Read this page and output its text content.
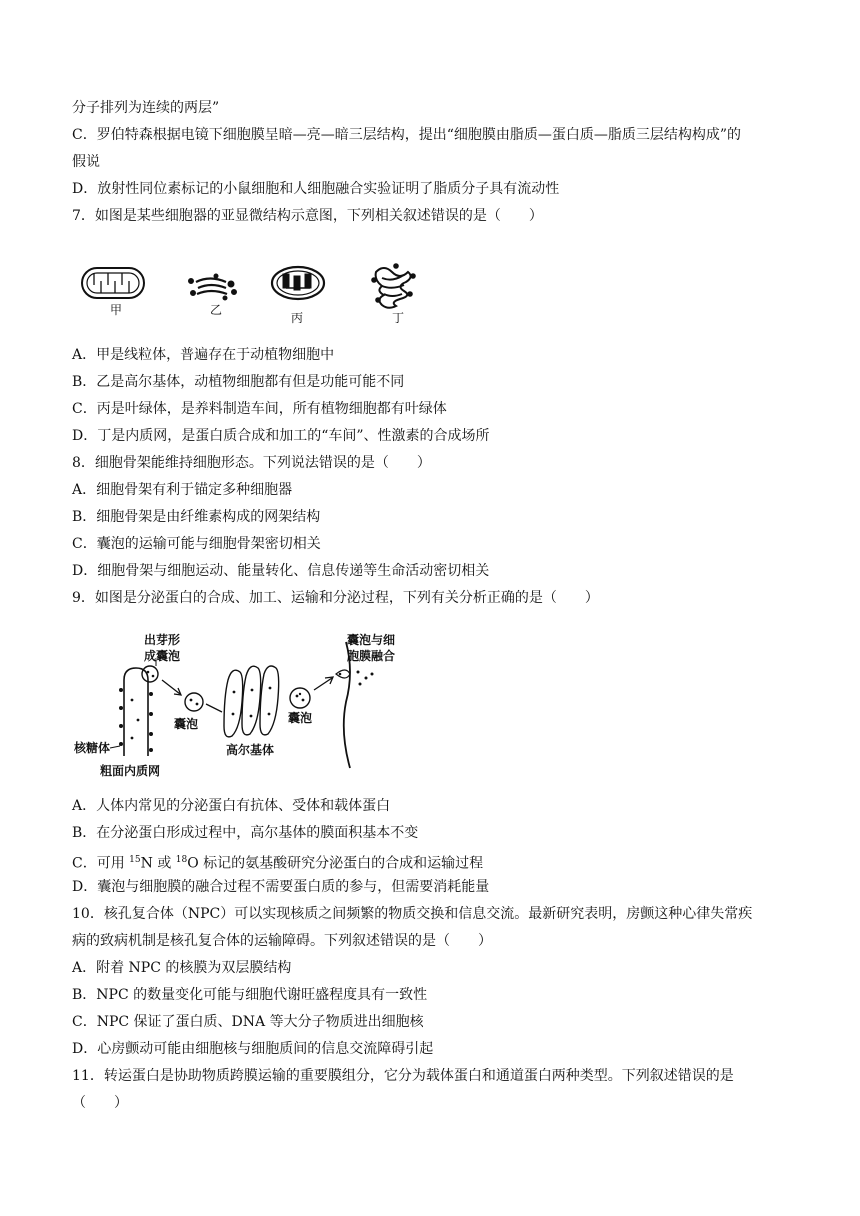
分子排列为连续的两层”
C．罗伯特森根据电镜下细胞膜呈暗—亮—暗三层结构，提出“细胞膜由脂质—蛋白质—脂质三层结构构成”的
假说
D．放射性同位素标记的小鼠细胞和人细胞融合实验证明了脂质分子具有流动性
7．如图是某些细胞器的亚显微结构示意图，下列相关叙述错误的是（　　）
甲	乙
丙	丁
A．甲是线粒体，普遍存在于动植物细胞中
B．乙是高尔基体，动植物细胞都有但是功能可能不同
C．丙是叶绿体，是养料制造车间，所有植物细胞都有叶绿体
D．丁是内质网，是蛋白质合成和加工的“车间”、性激素的合成场所
8．细胞骨架能维持细胞形态。下列说法错误的是（　　）
A．细胞骨架有利于锚定多种细胞器
B．细胞骨架是由纤维素构成的网架结构
C．囊泡的运输可能与细胞骨架密切相关
D．细胞骨架与细胞运动、能量转化、信息传递等生命活动密切相关
9．如图是分泌蛋白的合成、加工、运输和分泌过程，下列有关分析正确的是（　　）
出芽形
成囊泡
囊泡	囊泡
高尔基体
核糖体
粗面内质网
囊泡与细
胞膜融合
A．人体内常见的分泌蛋白有抗体、受体和载体蛋白
B．在分泌蛋白形成过程中，高尔基体的膜面积基本不变
C．可用 $^{15}$N 或 $^{18}$O 标记的氨基酸研究分泌蛋白的合成和运输过程
D．囊泡与细胞膜的融合过程不需要蛋白质的参与，但需要消耗能量
10．核孔复合体（NPC）可以实现核质之间频繁的物质交换和信息交流。最新研究表明，房颤这种心律失常疾
病的致病机制是核孔复合体的运输障碍。下列叙述错误的是（　　）
A．附着 NPC 的核膜为双层膜结构
B．NPC 的数量变化可能与细胞代谢旺盛程度具有一致性
C．NPC 保证了蛋白质、DNA 等大分子物质进出细胞核
D．心房颤动可能由细胞核与细胞质间的信息交流障碍引起
11．转运蛋白是协助物质跨膜运输的重要膜组分，它分为载体蛋白和通道蛋白两种类型。下列叙述错误的是
（　　）
